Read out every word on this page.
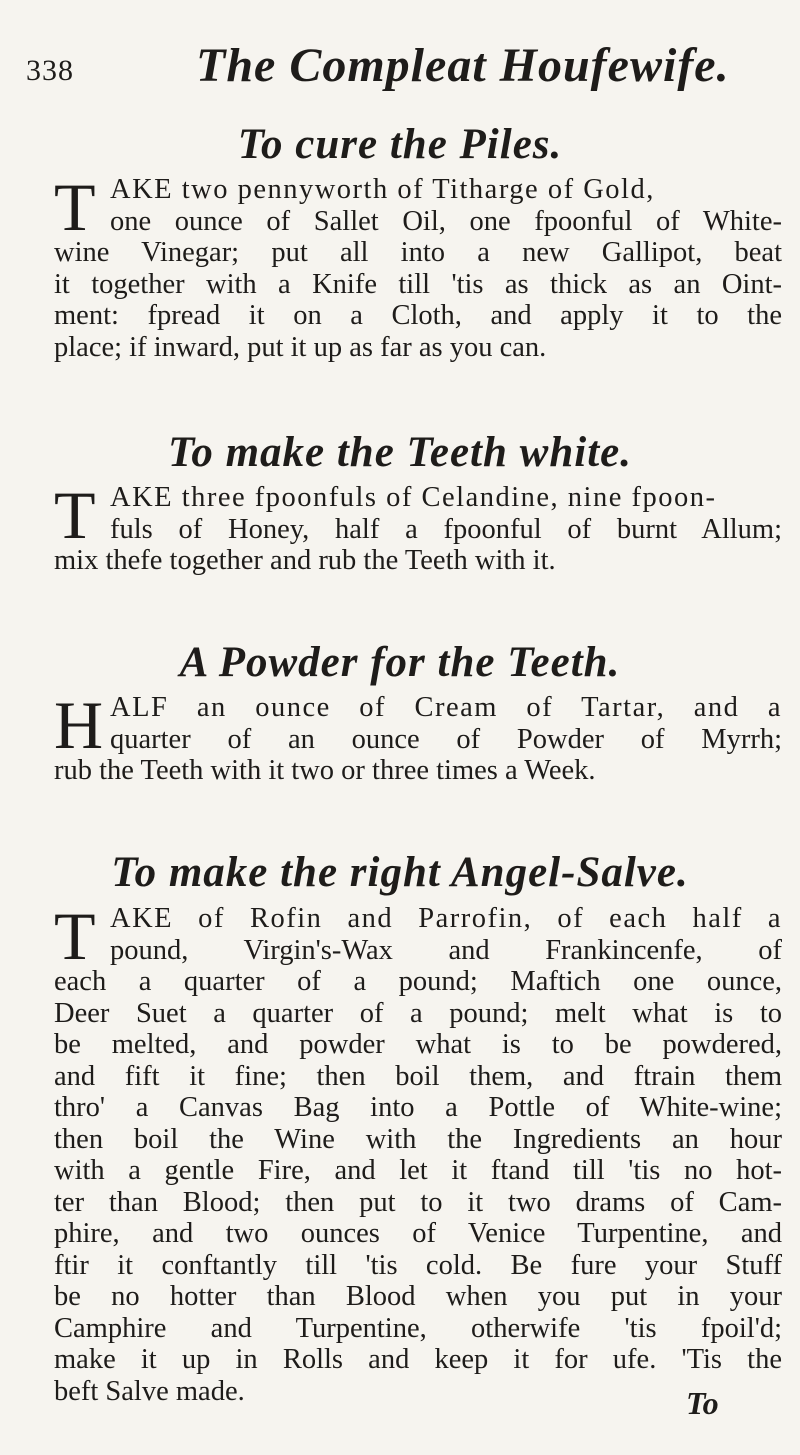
338	The Compleat Houfewife.
To cure the Piles.
T AKE two pennyworth of Titharge of Gold,
one ounce of Sallet Oil, one fpoonful of White-
wine Vinegar; put all into a new Gallipot, beat
it together with a Knife till 'tis as thick as an Oint-
ment: fpread it on a Cloth, and apply it to the
place; if inward, put it up as far as you can.
To make the Teeth white.
T AKE three fpoonfuls of Celandine, nine fpoon-
fuls of Honey, half a fpoonful of burnt Allum;
mix thefe together and rub the Teeth with it.
A Powder for the Teeth.
H ALF an ounce of Cream of Tartar, and a
quarter of an ounce of Powder of Myrrh;
rub the Teeth with it two or three times a Week.
To make the right Angel-Salve.
T AKE of Rofin and Parrofin, of each half a
pound, Virgin's-Wax and Frankincenfe, of
each a quarter of a pound; Maftich one ounce,
Deer Suet a quarter of a pound; melt what is to
be melted, and powder what is to be powdered,
and fift it fine; then boil them, and ftrain them
thro' a Canvas Bag into a Pottle of White-wine;
then boil the Wine with the Ingredients an hour
with a gentle Fire, and let it ftand till 'tis no hot-
ter than Blood; then put to it two drams of Cam-
phire, and two ounces of Venice Turpentine, and
ftir it conftantly till 'tis cold. Be fure your Stuff
be no hotter than Blood when you put in your
Camphire and Turpentine, otherwife 'tis fpoil'd;
make it up in Rolls and keep it for ufe. 'Tis the
beft Salve made.	To
